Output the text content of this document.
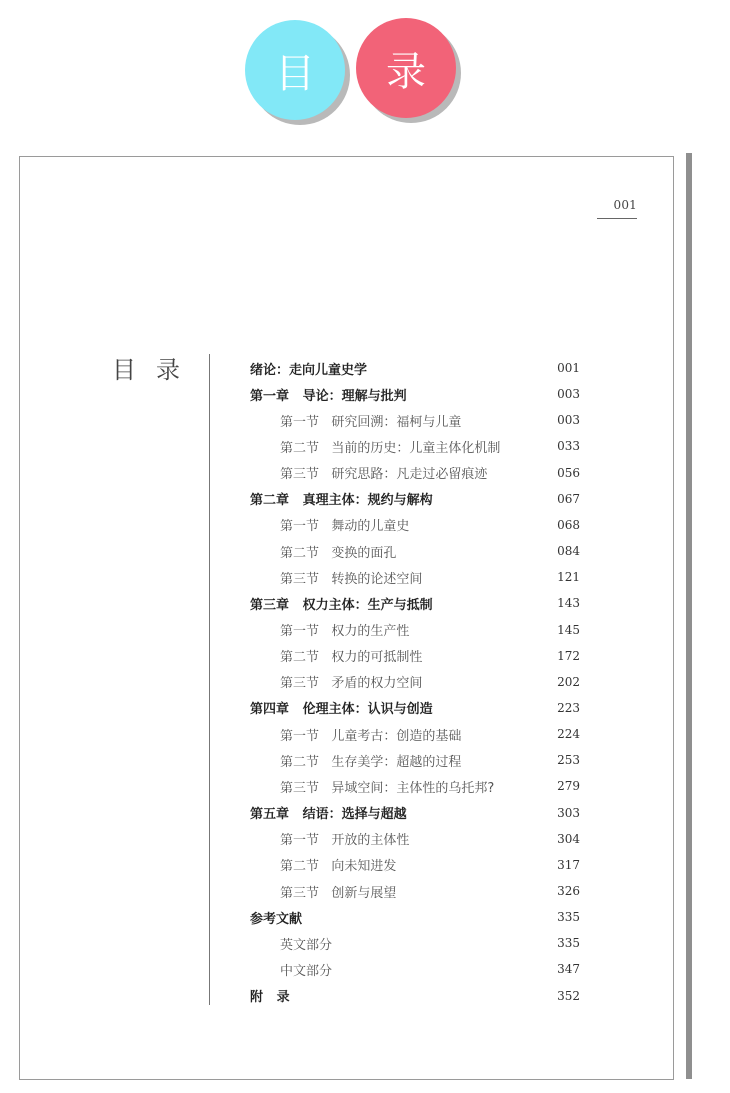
目 录
001
目录	绪论：走向儿童史学	001
第一章   导论：理解与批判	003
第一节   研究回溯：福柯与儿童	003
第二节   当前的历史：儿童主体化机制	033
第三节   研究思路：凡走过必留痕迹	056
第二章   真理主体：规约与解构	067
第一节   舞动的儿童史	068
第二节   变换的面孔	084
第三节   转换的论述空间	121
第三章   权力主体：生产与抵制	143
第一节   权力的生产性	145
第二节   权力的可抵制性	172
第三节   矛盾的权力空间	202
第四章   伦理主体：认识与创造	223
第一节   儿童考古：创造的基础	224
第二节   生存美学：超越的过程	253
第三节   异域空间：主体性的乌托邦?	279
第五章   结语：选择与超越	303
第一节   开放的主体性	304
第二节   向未知进发	317
第三节   创新与展望	326
参考文献	335
英文部分	335
中文部分	347
附   录	352
